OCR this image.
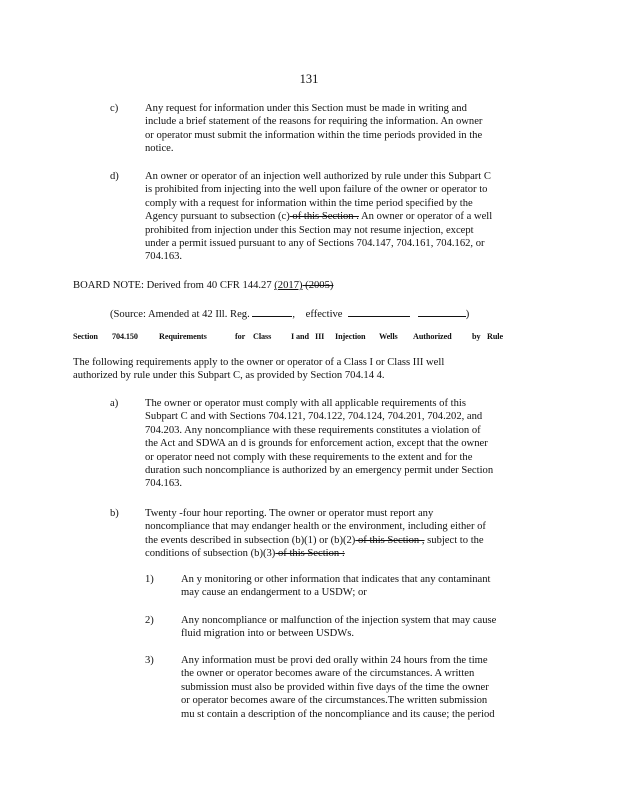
131
c)	Any request for information under this Section must be made in writing and
include a brief statement of the reasons for requiring the information. An owner
or operator must submit the information within the time periods provided in the
notice.
d) An owner or operator of an injection well authorized by rule under this Subpart C
is prohibited from injecting into the well upon failure of the owner or operator to
comply with a request for information within the time period specified by the
Agency pursuant to subsection (c) of this Section . An owner or operator of a well
prohibited from injection under this Section may not resume injection, except
under a permit issued pursuant to any of Sections 704.147, 704.161, 704.162, or
704.163.
BOARD NOTE: Derived from 40 CFR 144.27 (2017) (2005)
(Source: Amended at 42 Ill. Reg.	, effective	)
Section 704.150	Requirements	for Class I and III Injection Wells Authorized by Rule
The following requirements apply to the owner or operator of a Class I or Class III well
authorized by rule under this Subpart C, as provided by Section 704.14 4.
a)	The owner or operator must comply with all applicable requirements of this
Subpart C and with Sections 704.121, 704.122, 704.124, 704.201, 704.202, and
704.203. Any noncompliance with these requirements constitutes a violation of
the Act and SDWA an d is grounds for enforcement action, except that the owner
or operator need not comply with these requirements to the extent and for the
duration such noncompliance is authorized by an emergency permit under Section
704.163.
b) Twenty -four hour reporting. The owner or operator must report any
noncompliance that may endanger health or the environment, including either of
the events described in subsection (b)(1) or (b)(2) of this Section , subject to the
conditions of subsection (b)(3) of this Section :
1)	An y monitoring or other information that indicates that any contaminant
may cause an endangerment to a USDW; or
2)	Any noncompliance or malfunction of the injection system that may cause
fluid migration into or between USDWs.
3)	Any information must be provi ded orally within 24 hours from the time
the owner or operator becomes aware of the circumstances. A written
submission must also be provided within five days of the time the owner
or operator becomes aware of the circumstances.The written submission
mu st contain a description of the noncompliance and its cause; the period
